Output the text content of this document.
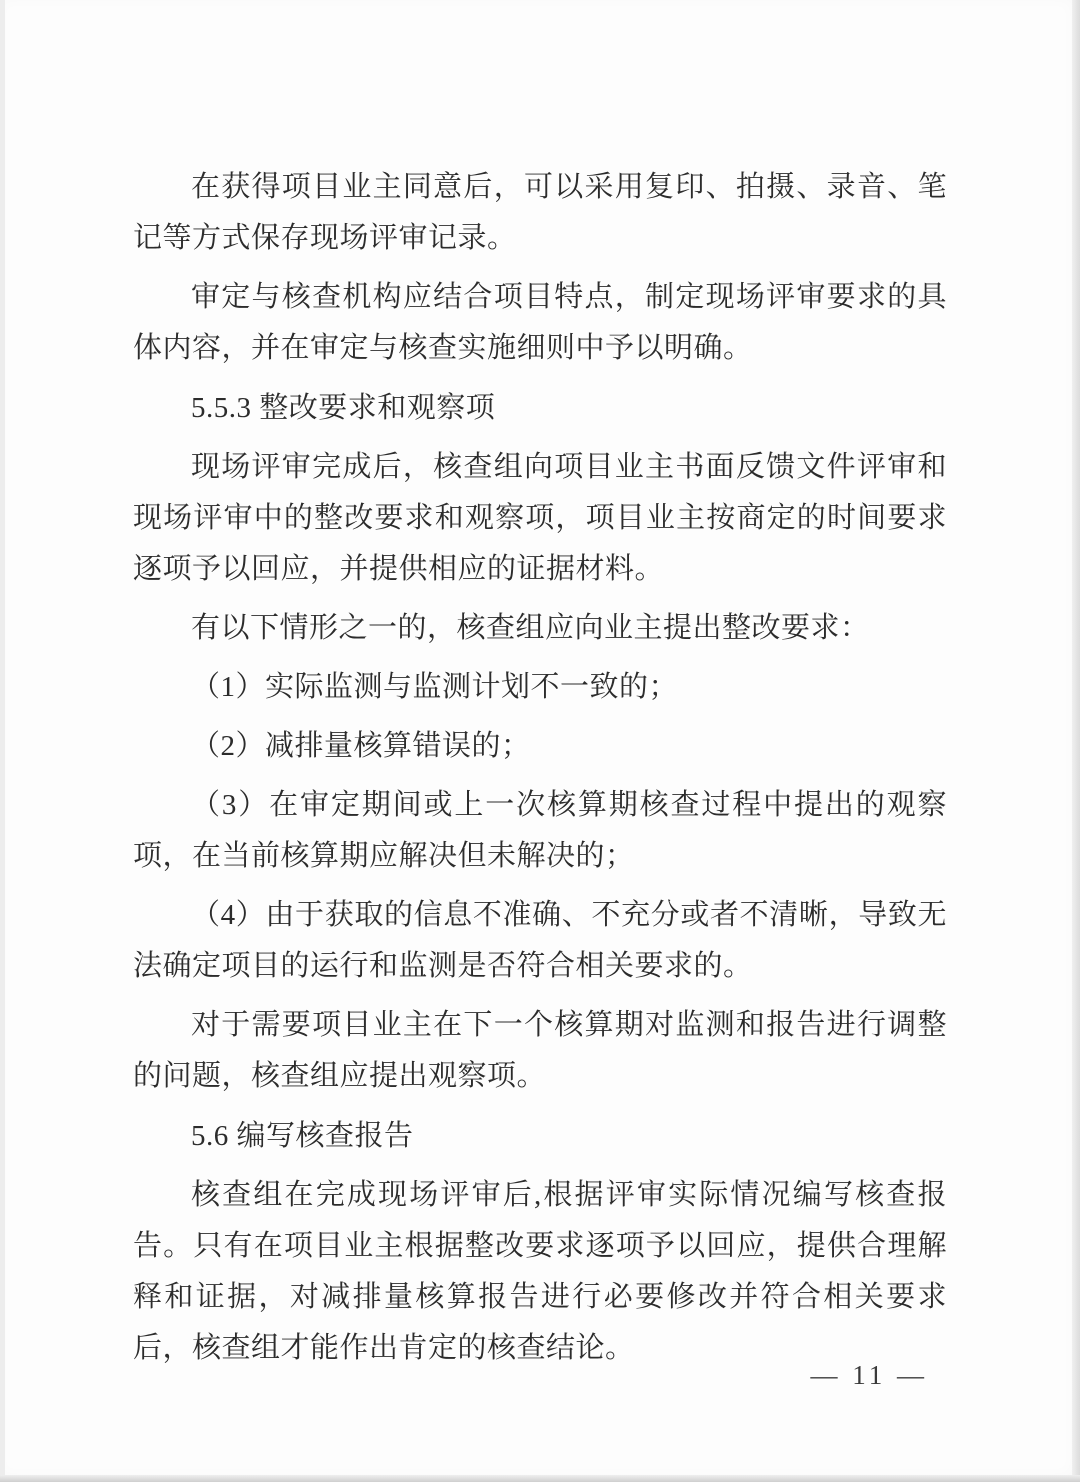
在获得项目业主同意后，可以采用复印、拍摄、录音、笔记等方式保存现场评审记录。

审定与核查机构应结合项目特点，制定现场评审要求的具体内容，并在审定与核查实施细则中予以明确。

5.5.3 整改要求和观察项

现场评审完成后，核查组向项目业主书面反馈文件评审和现场评审中的整改要求和观察项，项目业主按商定的时间要求逐项予以回应，并提供相应的证据材料。

有以下情形之一的，核查组应向业主提出整改要求：

（1）实际监测与监测计划不一致的；

（2）减排量核算错误的；

（3）在审定期间或上一次核算期核查过程中提出的观察项，在当前核算期应解决但未解决的；

（4）由于获取的信息不准确、不充分或者不清晰，导致无法确定项目的运行和监测是否符合相关要求的。

对于需要项目业主在下一个核算期对监测和报告进行调整的问题，核查组应提出观察项。

5.6 编写核查报告

核查组在完成现场评审后,根据评审实际情况编写核查报告。只有在项目业主根据整改要求逐项予以回应，提供合理解释和证据，对减排量核算报告进行必要修改并符合相关要求后，核查组才能作出肯定的核查结论。

— 11 —
